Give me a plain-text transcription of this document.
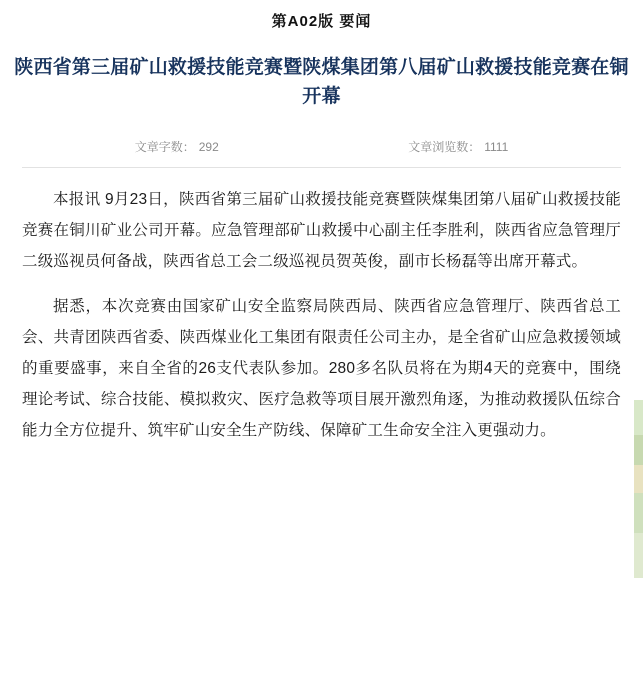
第A02版 要闻
陕西省第三届矿山救援技能竞赛暨陕煤集团第八届矿山救援技能竞赛在铜开幕
文章字数： 292	文章浏览数： 1111

本报讯 9月23日，陕西省第三届矿山救援技能竞赛暨陕煤集团第八届矿山救援技能竞赛在铜川矿业公司开幕。应急管理部矿山救援中心副主任李胜利，陕西省应急管理厅二级巡视员何备战，陕西省总工会二级巡视员贺英俊，副市长杨磊等出席开幕式。

据悉，本次竞赛由国家矿山安全监察局陕西局、陕西省应急管理厅、陕西省总工会、共青团陕西省委、陕西煤业化工集团有限责任公司主办，是全省矿山应急救援领域的重要盛事，来自全省的26支代表队参加。280多名队员将在为期4天的竞赛中，围绕理论考试、综合技能、模拟救灾、医疗急救等项目展开激烈角逐，为推动救援队伍综合能力全方位提升、筑牢矿山安全生产防线、保障矿工生命安全注入更强动力。
